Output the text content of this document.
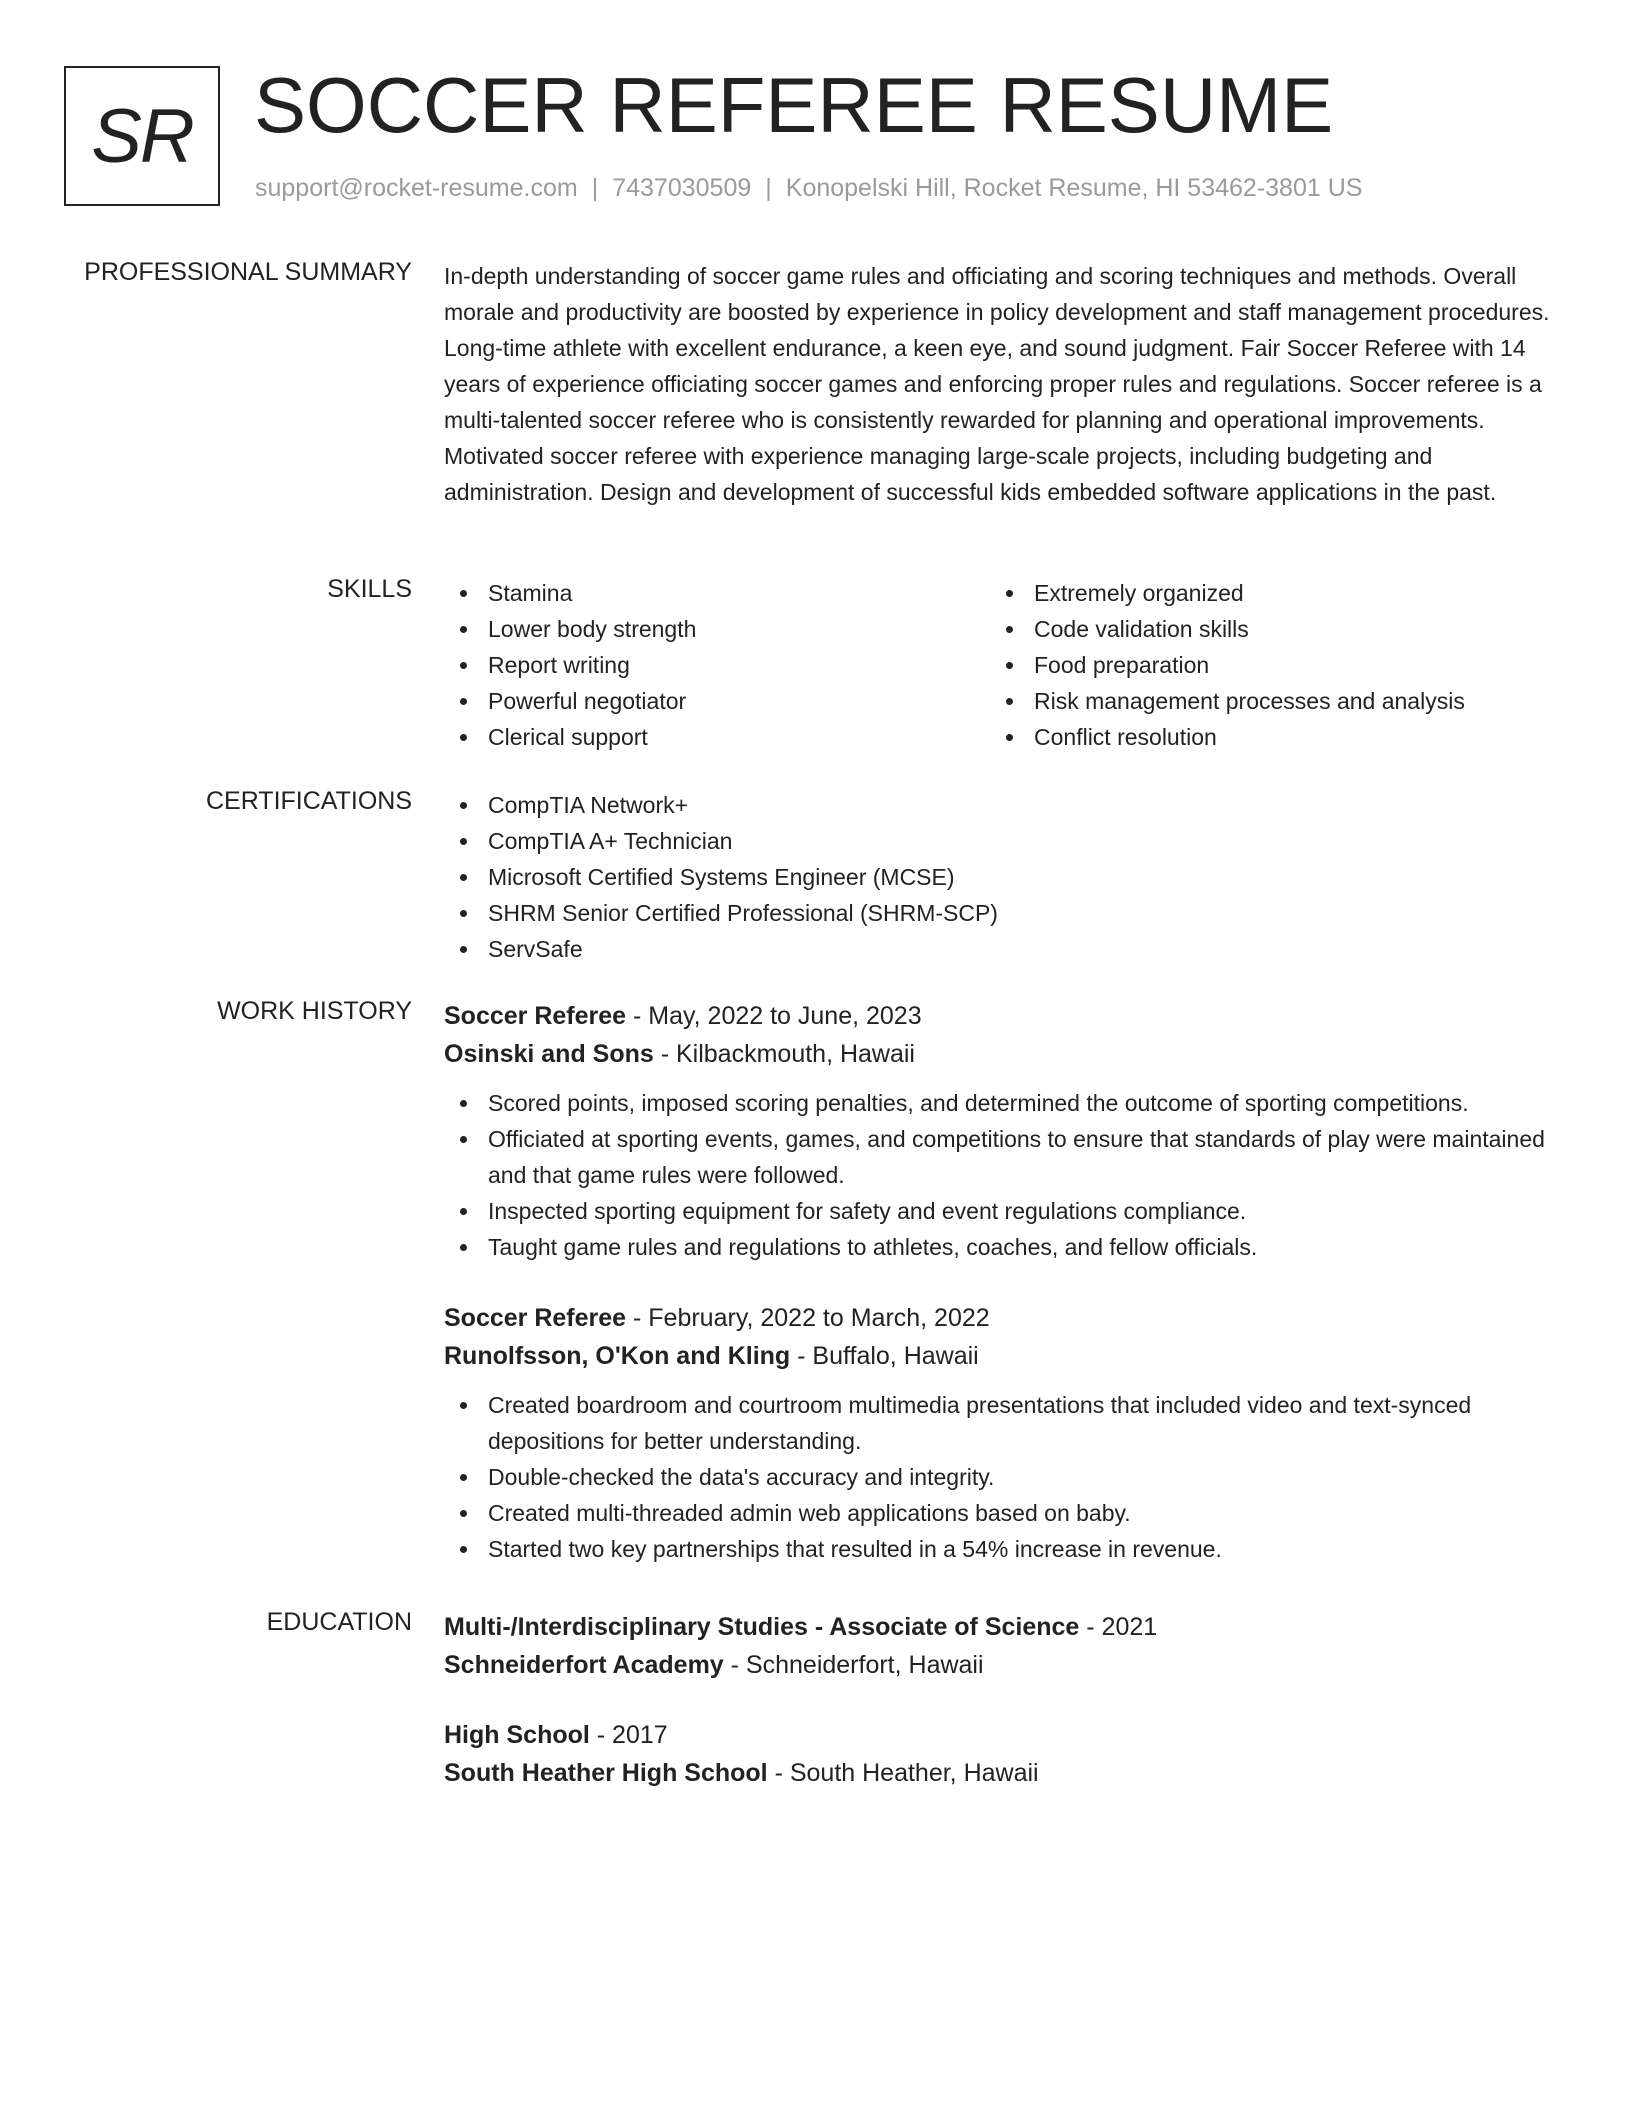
SR SOCCER REFEREE RESUME
support@rocket-resume.com | 7437030509 | Konopelski Hill, Rocket Resume, HI 53462-3801 US
PROFESSIONAL SUMMARY In-depth understanding of soccer game rules and officiating and scoring techniques and methods. Overall morale and productivity are boosted by experience in policy development and staff management procedures. Long-time athlete with excellent endurance, a keen eye, and sound judgment. Fair Soccer Referee with 14 years of experience officiating soccer games and enforcing proper rules and regulations. Soccer referee is a multi-talented soccer referee who is consistently rewarded for planning and operational improvements. Motivated soccer referee with experience managing large-scale projects, including budgeting and administration. Design and development of successful kids embedded software applications in the past.

SKILLS	Stamina
Lower body strength
Report writing
Powerful negotiator
Clerical support
Extremely organized
Code validation skills
Food preparation
Risk management processes and analysis
Conflict resolution
CERTIFICATIONS	CompTIA Network+
CompTIA A+ Technician
Microsoft Certified Systems Engineer (MCSE)
SHRM Senior Certified Professional (SHRM-SCP)
ServSafe
WORK HISTORY Soccer Referee - May, 2022 to June, 2023
Osinski and Sons - Kilbackmouth, Hawaii
Scored points, imposed scoring penalties, and determined the outcome of sporting competitions.
Officiated at sporting events, games, and competitions to ensure that standards of play were maintained and that game rules were followed.
Inspected sporting equipment for safety and event regulations compliance.
Taught game rules and regulations to athletes, coaches, and fellow officials.
Soccer Referee - February, 2022 to March, 2022
Runolfsson, O'Kon and Kling - Buffalo, Hawaii
Created boardroom and courtroom multimedia presentations that included video and text-synced depositions for better understanding.
Double-checked the data's accuracy and integrity.
Created multi-threaded admin web applications based on baby.
Started two key partnerships that resulted in a 54% increase in revenue.
EDUCATION Multi-/Interdisciplinary Studies - Associate of Science - 2021
Schneiderfort Academy - Schneiderfort, Hawaii
High School - 2017
South Heather High School - South Heather, Hawaii
